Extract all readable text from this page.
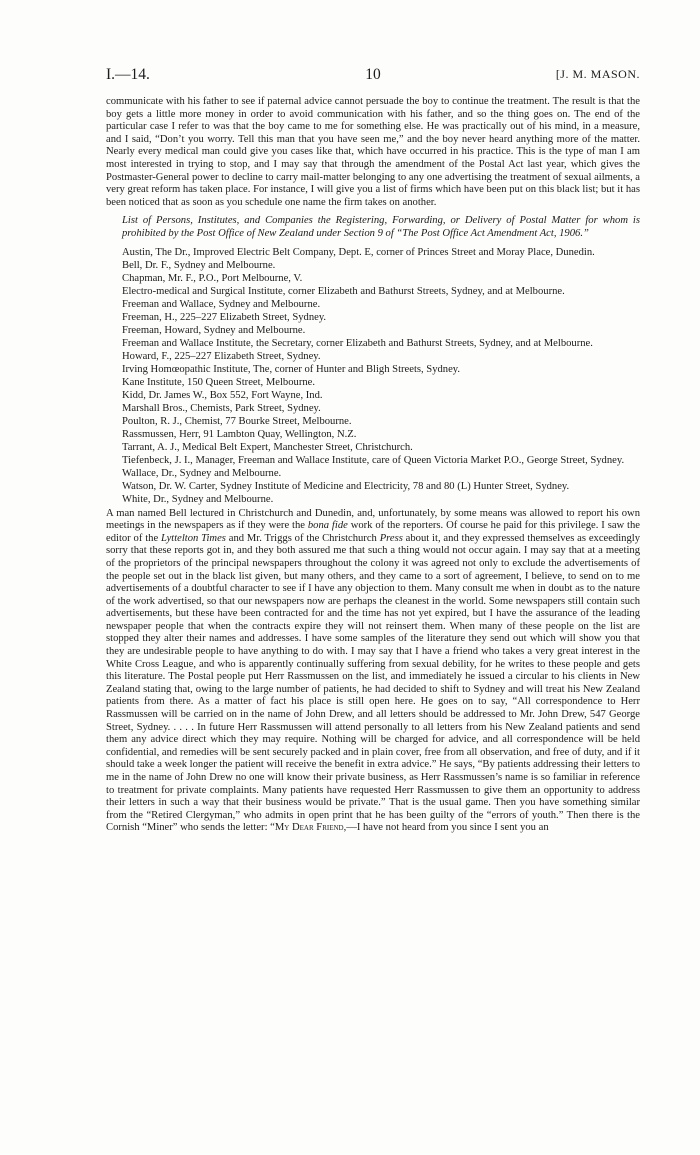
I.—14.	10	[J. M. MASON.

communicate with his father to see if paternal advice cannot persuade the boy to continue the treatment. The result is that the boy gets a little more money in order to avoid communication with his father, and so the thing goes on. The end of the particular case I refer to was that the boy came to me for something else. He was practically out of his mind, in a measure, and I said, “Don’t you worry. Tell this man that you have seen me,” and the boy never heard anything more of the matter. Nearly every medical man could give you cases like that, which have occurred in his practice. This is the type of man I am most interested in trying to stop, and I may say that through the amendment of the Postal Act last year, which gives the Postmaster-General power to decline to carry mail-matter belonging to any one advertising the treatment of sexual ailments, a very great reform has taken place. For instance, I will give you a list of firms which have been put on this black list; but it has been noticed that as soon as you schedule one name the firm takes on another.

List of Persons, Institutes, and Companies the Registering, Forwarding, or Delivery of Postal Matter for whom is prohibited by the Post Office of New Zealand under Section 9 of “The Post Office Act Amendment Act, 1906.”

Austin, The Dr., Improved Electric Belt Company, Dept. E, corner of Princes Street and Moray Place, Dunedin.

Bell, Dr. F., Sydney and Melbourne.

Chapman, Mr. F., P.O., Port Melbourne, V.

Electro-medical and Surgical Institute, corner Elizabeth and Bathurst Streets, Sydney, and at Melbourne.

Freeman and Wallace, Sydney and Melbourne.

Freeman, H., 225–227 Elizabeth Street, Sydney.

Freeman, Howard, Sydney and Melbourne.

Freeman and Wallace Institute, the Secretary, corner Elizabeth and Bathurst Streets, Sydney, and at Melbourne.

Howard, F., 225–227 Elizabeth Street, Sydney.

Irving Homœopathic Institute, The, corner of Hunter and Bligh Streets, Sydney.

Kane Institute, 150 Queen Street, Melbourne.

Kidd, Dr. James W., Box 552, Fort Wayne, Ind.

Marshall Bros., Chemists, Park Street, Sydney.

Poulton, R. J., Chemist, 77 Bourke Street, Melbourne.

Rassmussen, Herr, 91 Lambton Quay, Wellington, N.Z.

Tarrant, A. J., Medical Belt Expert, Manchester Street, Christchurch.

Tiefenbeck, J. I., Manager, Freeman and Wallace Institute, care of Queen Victoria Market P.O., George Street, Sydney.

Wallace, Dr., Sydney and Melbourne.

Watson, Dr. W. Carter, Sydney Institute of Medicine and Electricity, 78 and 80 (L) Hunter Street, Sydney.

White, Dr., Sydney and Melbourne.

A man named Bell lectured in Christchurch and Dunedin, and, unfortunately, by some means was allowed to report his own meetings in the newspapers as if they were the bona fide work of the reporters. Of course he paid for this privilege. I saw the editor of the Lyttelton Times and Mr. Triggs of the Christchurch Press about it, and they expressed themselves as exceedingly sorry that these reports got in, and they both assured me that such a thing would not occur again. I may say that at a meeting of the proprietors of the principal newspapers throughout the colony it was agreed not only to exclude the advertisements of the people set out in the black list given, but many others, and they came to a sort of agreement, I believe, to send on to me advertisements of a doubtful character to see if I have any objection to them. Many consult me when in doubt as to the nature of the work advertised, so that our newspapers now are perhaps the cleanest in the world. Some newspapers still contain such advertisements, but these have been contracted for and the time has not yet expired, but I have the assurance of the leading newspaper people that when the contracts expire they will not reinsert them. When many of these people on the list are stopped they alter their names and addresses. I have some samples of the literature they send out which will show you that they are undesirable people to have anything to do with. I may say that I have a friend who takes a very great interest in the White Cross League, and who is apparently continually suffering from sexual debility, for he writes to these people and gets this literature. The Postal people put Herr Rassmussen on the list, and immediately he issued a circular to his clients in New Zealand stating that, owing to the large number of patients, he had decided to shift to Sydney and will treat his New Zealand patients from there. As a matter of fact his place is still open here. He goes on to say, “All correspondence to Herr Rassmussen will be carried on in the name of John Drew, and all letters should be addressed to Mr. John Drew, 547 George Street, Sydney. . . . . In future Herr Rassmussen will attend personally to all letters from his New Zealand patients and send them any advice direct which they may require. Nothing will be charged for advice, and all correspondence will be held confidential, and remedies will be sent securely packed and in plain cover, free from all observation, and free of duty, and if it should take a week longer the patient will receive the benefit in extra advice.” He says, “By patients addressing their letters to me in the name of John Drew no one will know their private business, as Herr Rassmussen’s name is so familiar in reference to treatment for private complaints. Many patients have requested Herr Rassmussen to give them an opportunity to address their letters in such a way that their business would be private.” That is the usual game. Then you have something similar from the “Retired Clergyman,” who admits in open print that he has been guilty of the “errors of youth.” Then there is the Cornish “Miner” who sends the letter: “My Dear Friend,—I have not heard from you since I sent you an
